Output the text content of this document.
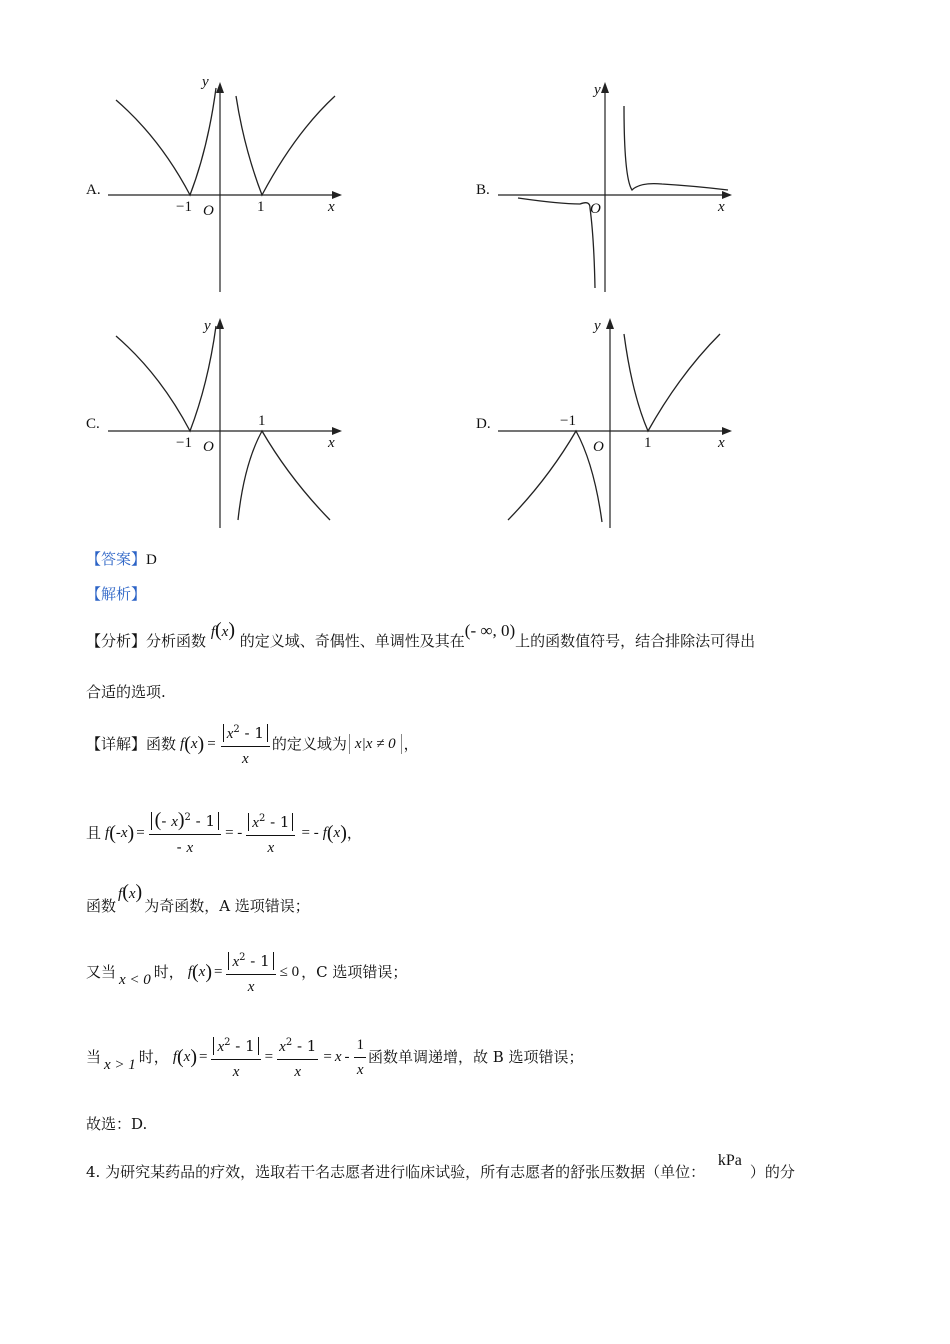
A.
y
x
−1	1
O
B.
y
x
O
C.
y
x
−1
1
O
D.
y
x
−1
1
O
【答案】D
【解析】
【分析】分析函数 f(x) 的定义域、奇偶性、单调性及其在(- ∞, 0)上的函数值符号，结合排除法可得出
合适的选项.
【详解】 函数 f ( x ) = $\frac{x^2 - 1}{x}$ 的定义域为 x|x ≠ 0 ，
且 f ( - x ) = $\frac{(- x)^2 - 1}{- x}$ = - $\frac{x^2 - 1}{x}$ = - f ( x ) ，
函数
f(x)
为奇函数，A 选项错误；
又当 x < 0 时， f ( x ) = $\frac{x^2 - 1}{x} \le 0$ ，C 选项错误；
当 x > 1 时， f ( x ) = $\frac{x^2 - 1}{x} = \frac{x^2 - 1}{x} = x - \frac{1}{x}$ 函数单调递增，故 B 选项错误；
故选：D.
4. 为研究某药品的疗效，选取若干名志愿者进行临床试验，所有志愿者的舒张压数据（单位： kPa）的分
